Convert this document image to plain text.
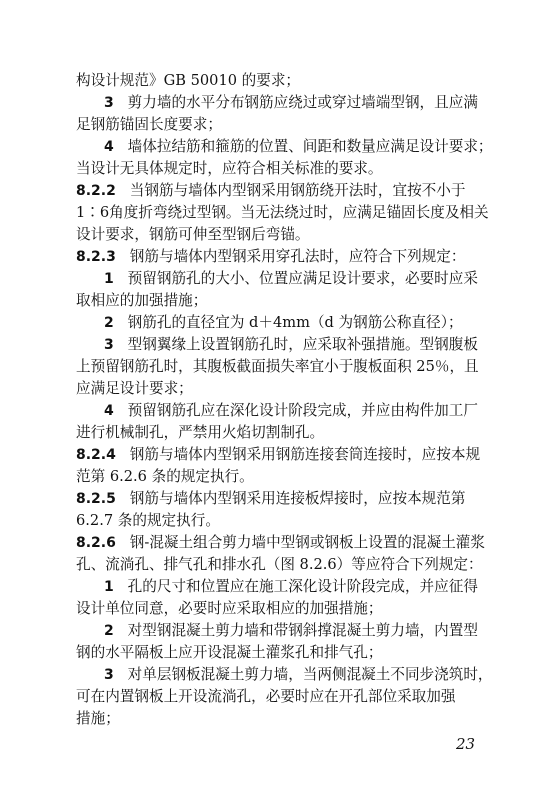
构设计规范》GB 50010 的要求；
3 剪力墙的水平分布钢筋应绕过或穿过墙端型钢，且应满
足钢筋锚固长度要求；
4 墙体拉结筋和箍筋的位置、间距和数量应满足设计要求；
当设计无具体规定时，应符合相关标准的要求。
8.2.2 当钢筋与墙体内型钢采用钢筋绕开法时，宜按不小于
1∶6角度折弯绕过型钢。当无法绕过时，应满足锚固长度及相关
设计要求，钢筋可伸至型钢后弯锚。
8.2.3 钢筋与墙体内型钢采用穿孔法时，应符合下列规定：
1 预留钢筋孔的大小、位置应满足设计要求，必要时应采
取相应的加强措施；
2 钢筋孔的直径宜为 d＋4mm（d 为钢筋公称直径）；
3 型钢翼缘上设置钢筋孔时，应采取补强措施。型钢腹板
上预留钢筋孔时，其腹板截面损失率宜小于腹板面积 25％，且
应满足设计要求；
4 预留钢筋孔应在深化设计阶段完成，并应由构件加工厂
进行机械制孔，严禁用火焰切割制孔。
8.2.4 钢筋与墙体内型钢采用钢筋连接套筒连接时，应按本规
范第 6.2.6 条的规定执行。
8.2.5 钢筋与墙体内型钢采用连接板焊接时，应按本规范第
6.2.7 条的规定执行。
8.2.6 钢-混凝土组合剪力墙中型钢或钢板上设置的混凝土灌浆
孔、流淌孔、排气孔和排水孔（图 8.2.6）等应符合下列规定：
1 孔的尺寸和位置应在施工深化设计阶段完成，并应征得
设计单位同意，必要时应采取相应的加强措施；
2 对型钢混凝土剪力墙和带钢斜撑混凝土剪力墙，内置型
钢的水平隔板上应开设混凝土灌浆孔和排气孔；
3 对单层钢板混凝土剪力墙，当两侧混凝土不同步浇筑时，
可在内置钢板上开设流淌孔，必要时应在开孔部位采取加强
措施；
23
